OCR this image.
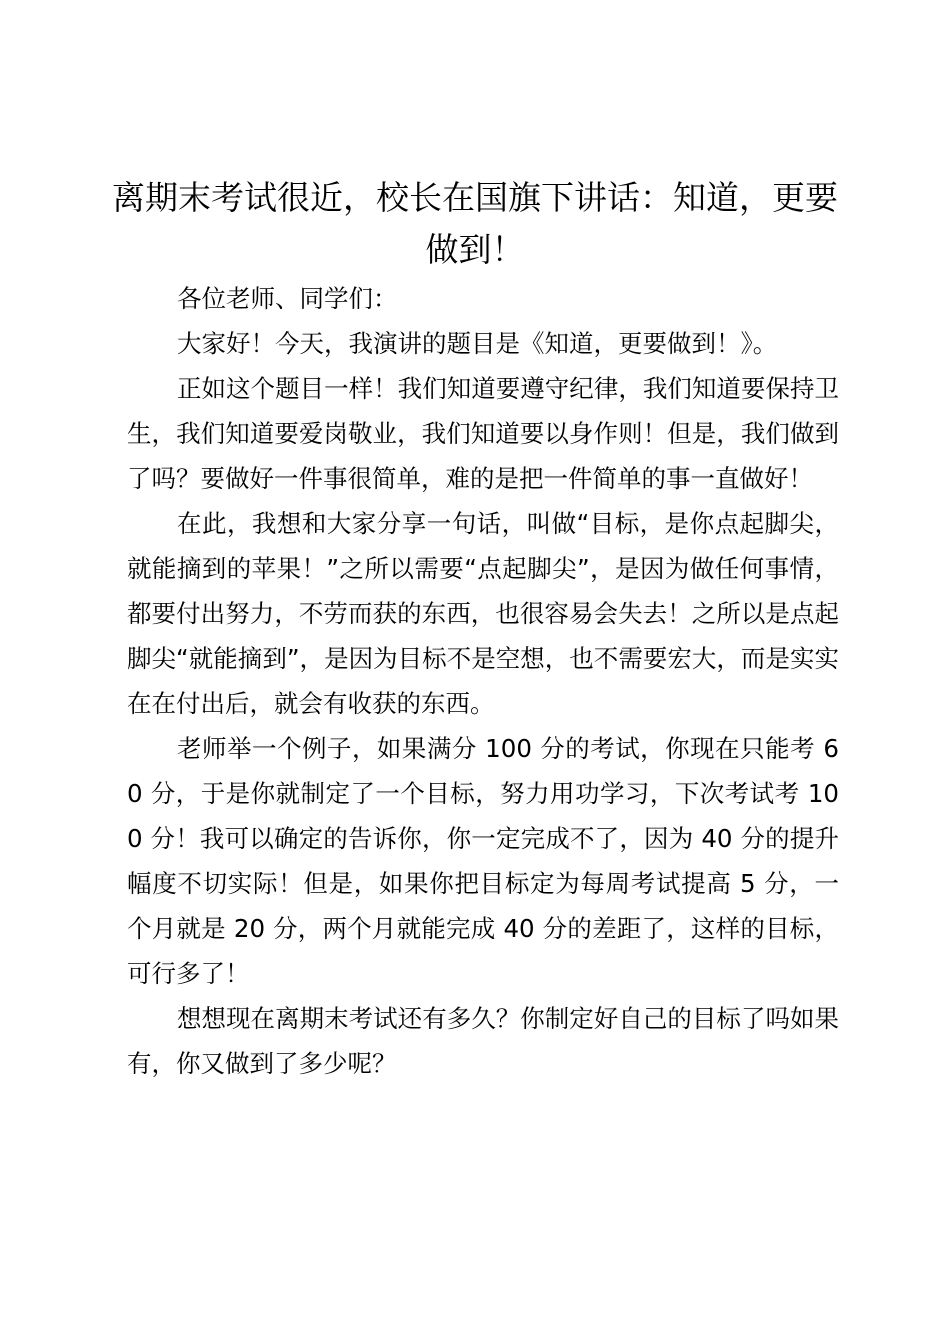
离期末考试很近，校长在国旗下讲话：知道，更要做到！

各位老师、同学们：

大家好！今天，我演讲的题目是《知道，更要做到！》。

正如这个题目一样！我们知道要遵守纪律，我们知道要保持卫生，我们知道要爱岗敬业，我们知道要以身作则！但是，我们做到了吗？要做好一件事很简单，难的是把一件简单的事一直做好！

在此，我想和大家分享一句话，叫做“目标，是你点起脚尖，就能摘到的苹果！”之所以需要“点起脚尖”，是因为做任何事情，都要付出努力，不劳而获的东西，也很容易会失去！之所以是点起脚尖“就能摘到”，是因为目标不是空想，也不需要宏大，而是实实在在付出后，就会有收获的东西。

老师举一个例子，如果满分 100 分的考试，你现在只能考 60 分，于是你就制定了一个目标，努力用功学习，下次考试考 100 分！我可以确定的告诉你，你一定完成不了，因为 40 分的提升幅度不切实际！但是，如果你把目标定为每周考试提高 5 分，一个月就是 20 分，两个月就能完成 40 分的差距了，这样的目标，可行多了！

想想现在离期末考试还有多久？你制定好自己的目标了吗如果有，你又做到了多少呢？
